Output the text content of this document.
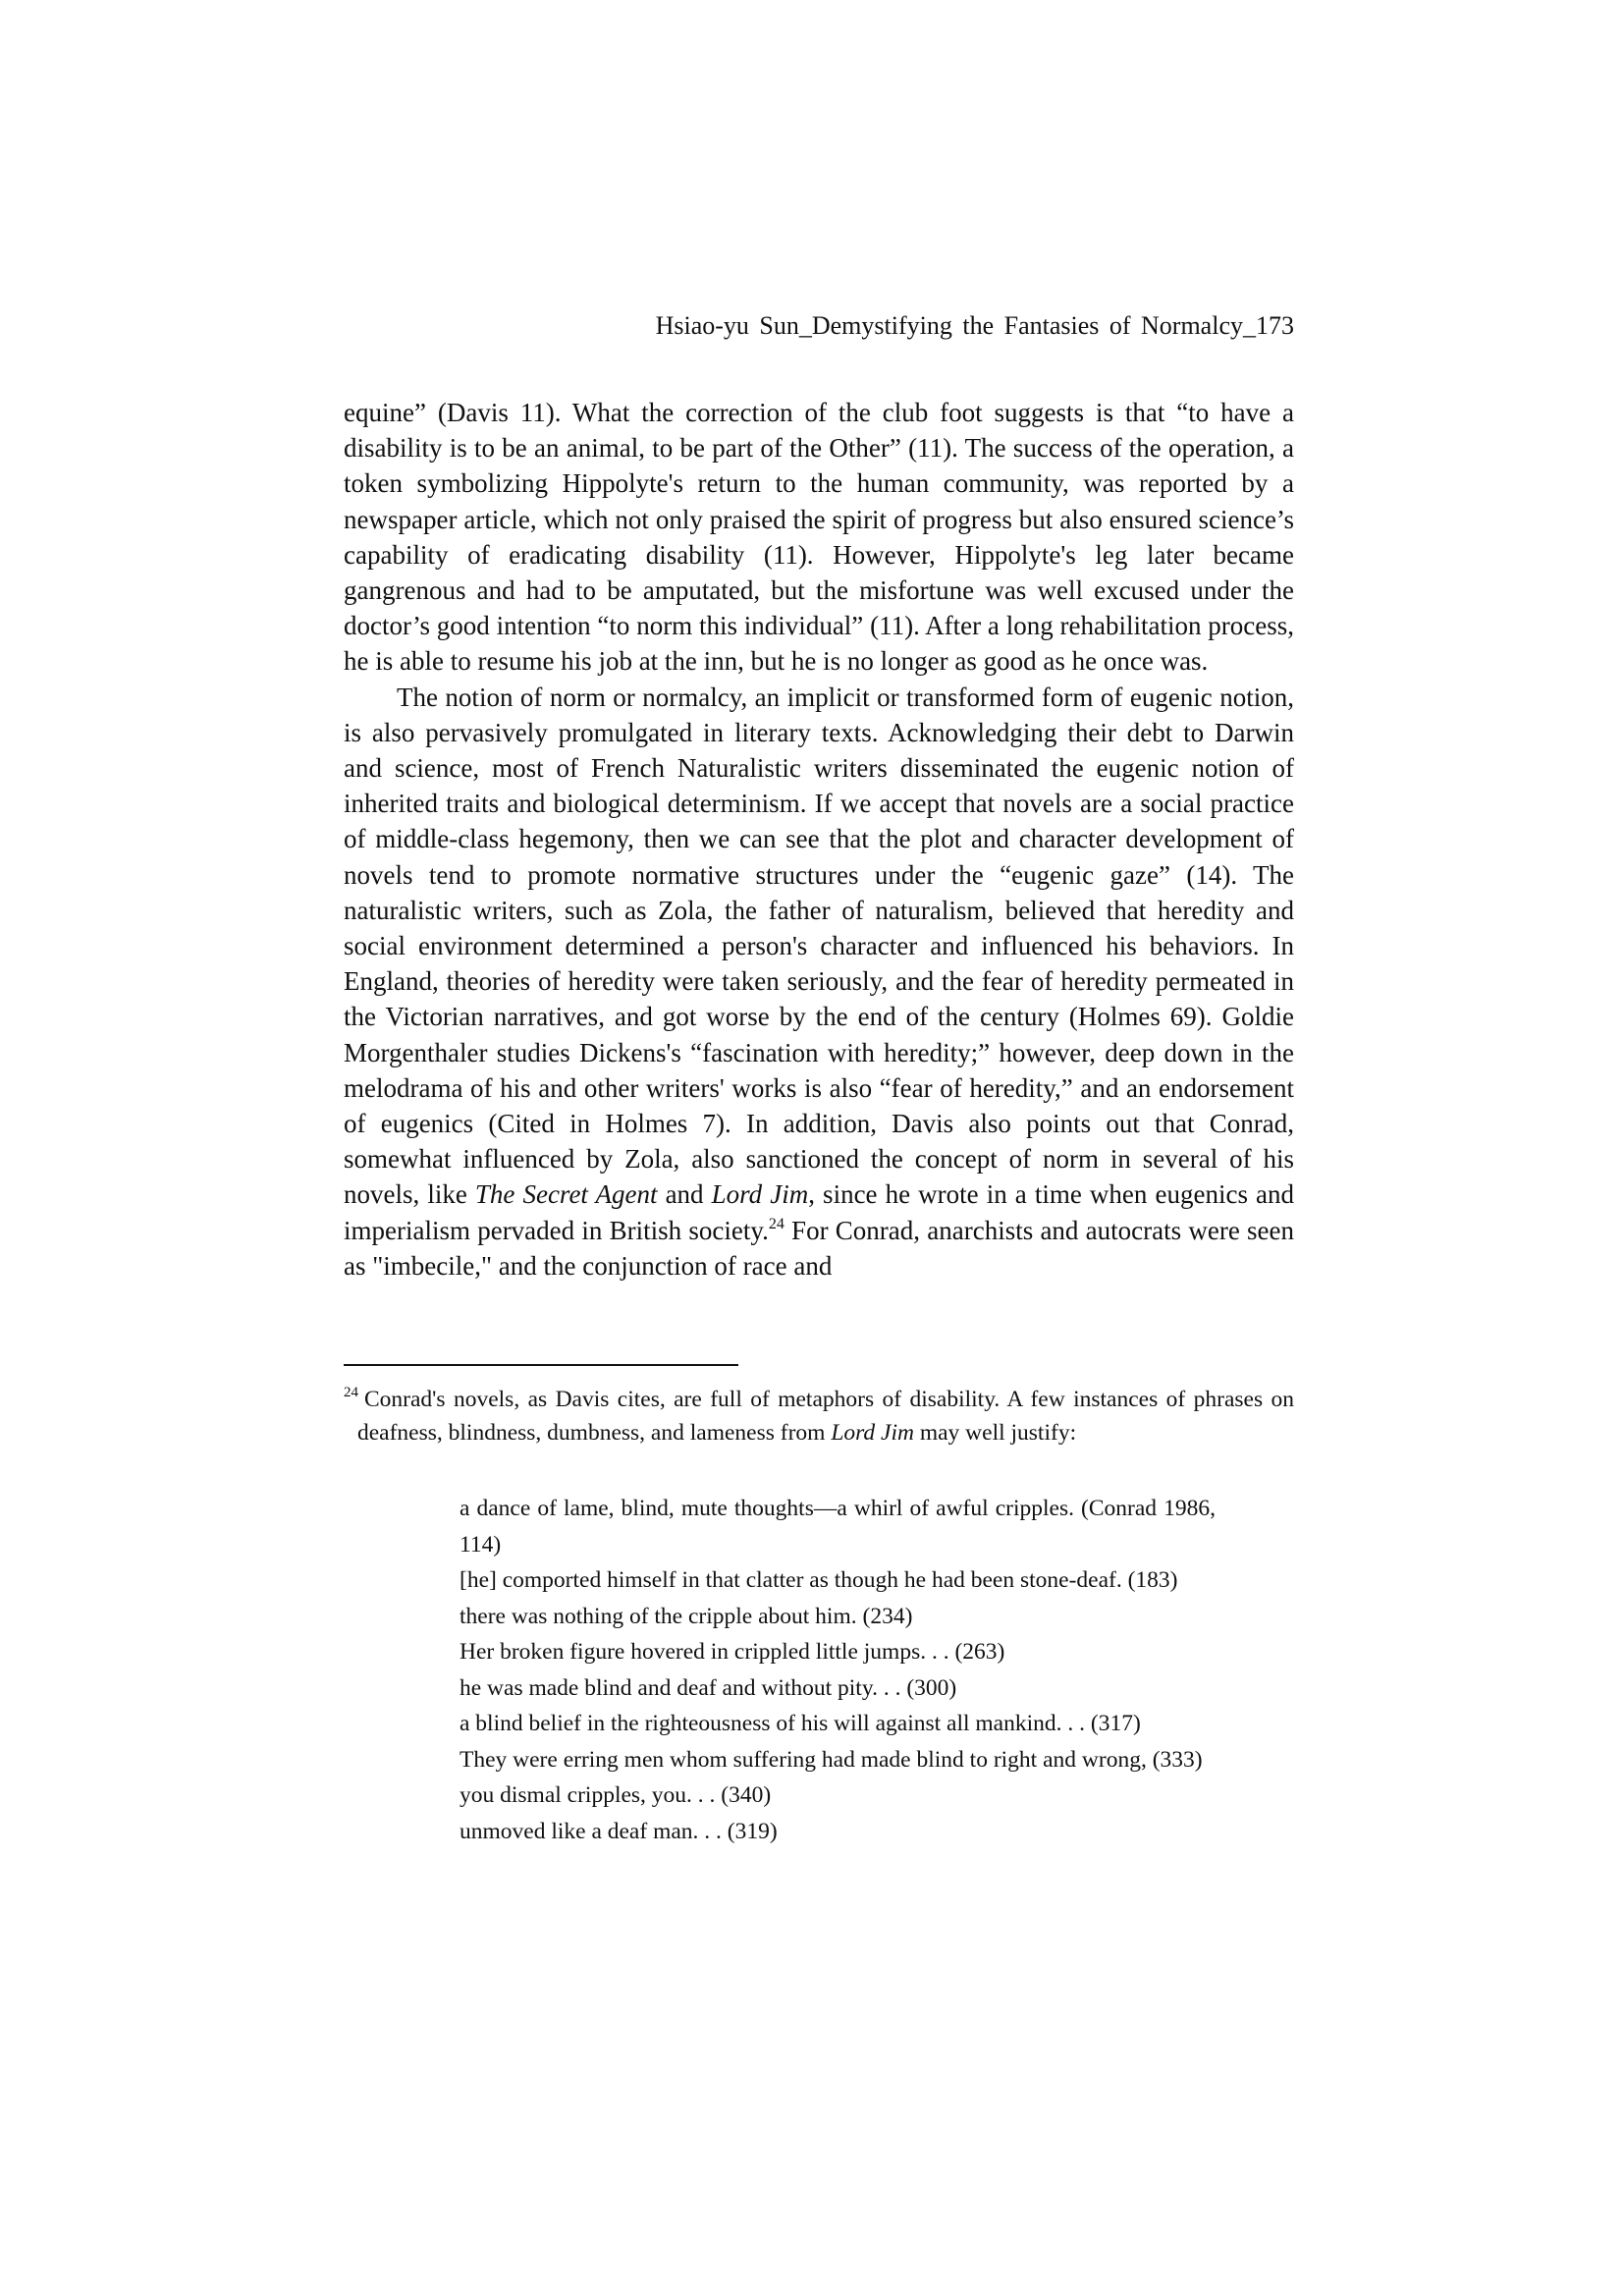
Hsiao-yu Sun_Demystifying the Fantasies of Normalcy_173

equine” (Davis 11). What the correction of the club foot suggests is that “to have a disability is to be an animal, to be part of the Other” (11). The success of the operation, a token symbolizing Hippolyte's return to the human community, was reported by a newspaper article, which not only praised the spirit of progress but also ensured science’s capability of eradicating disability (11). However, Hippolyte's leg later became gangrenous and had to be amputated, but the misfortune was well excused under the doctor’s good intention “to norm this individual” (11). After a long rehabilitation process, he is able to resume his job at the inn, but he is no longer as good as he once was.

The notion of norm or normalcy, an implicit or transformed form of eugenic notion, is also pervasively promulgated in literary texts. Acknowledging their debt to Darwin and science, most of French Naturalistic writers disseminated the eugenic notion of inherited traits and biological determinism. If we accept that novels are a social practice of middle-class hegemony, then we can see that the plot and character development of novels tend to promote normative structures under the “eugenic gaze” (14). The naturalistic writers, such as Zola, the father of naturalism, believed that heredity and social environment determined a person's character and influenced his behaviors. In England, theories of heredity were taken seriously, and the fear of heredity permeated in the Victorian narratives, and got worse by the end of the century (Holmes 69). Goldie Morgenthaler studies Dickens's “fascination with heredity;” however, deep down in the melodrama of his and other writers' works is also “fear of heredity,” and an endorsement of eugenics (Cited in Holmes 7). In addition, Davis also points out that Conrad, somewhat influenced by Zola, also sanctioned the concept of norm in several of his novels, like The Secret Agent and Lord Jim, since he wrote in a time when eugenics and imperialism pervaded in British society.$^{24}$ For Conrad, anarchists and autocrats were seen as "imbecile," and the conjunction of race and

$^{24}$ Conrad's novels, as Davis cites, are full of metaphors of disability. A few instances of phrases on deafness, blindness, dumbness, and lameness from Lord Jim may well justify:

a dance of lame, blind, mute thoughts—a whirl of awful cripples. (Conrad 1986, 114)
[he] comported himself in that clatter as though he had been stone-deaf. (183)
there was nothing of the cripple about him. (234)
Her broken figure hovered in crippled little jumps. . . (263)
he was made blind and deaf and without pity. . . (300)
a blind belief in the righteousness of his will against all mankind. . . (317)
They were erring men whom suffering had made blind to right and wrong, (333)
you dismal cripples, you. . . (340)
unmoved like a deaf man. . . (319)
